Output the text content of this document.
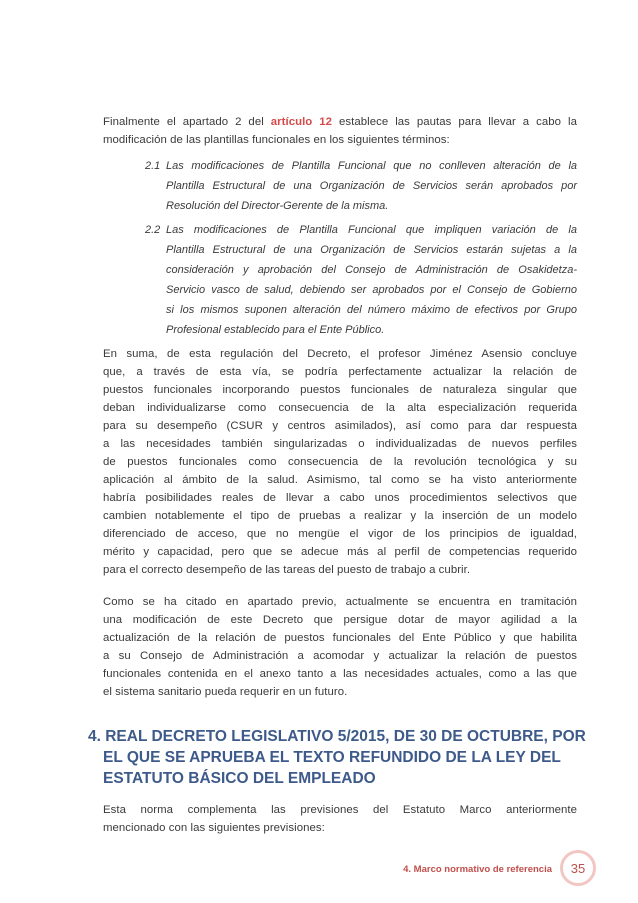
Finalmente el apartado 2 del artículo 12 establece las pautas para llevar a cabo la
modificación de las plantillas funcionales en los siguientes términos:

2.1 Las modificaciones de Plantilla Funcional que no conlleven alteración de la
Plantilla Estructural de una Organización de Servicios serán aprobados por
Resolución del Director-Gerente de la misma.
2.2 Las modificaciones de Plantilla Funcional que impliquen variación de la
Plantilla Estructural de una Organización de Servicios estarán sujetas a la
consideración y aprobación del Consejo de Administración de Osakidetza-
Servicio vasco de salud, debiendo ser aprobados por el Consejo de Gobierno
si los mismos suponen alteración del número máximo de efectivos por Grupo
Profesional establecido para el Ente Público.

En suma, de esta regulación del Decreto, el profesor Jiménez Asensio concluye
que, a través de esta vía, se podría perfectamente actualizar la relación de
puestos funcionales incorporando puestos funcionales de naturaleza singular que
deban individualizarse como consecuencia de la alta especialización requerida
para su desempeño (CSUR y centros asimilados), así como para dar respuesta
a las necesidades también singularizadas o individualizadas de nuevos perfiles
de puestos funcionales como consecuencia de la revolución tecnológica y su
aplicación al ámbito de la salud. Asimismo, tal como se ha visto anteriormente
habría posibilidades reales de llevar a cabo unos procedimientos selectivos que
cambien notablemente el tipo de pruebas a realizar y la inserción de un modelo
diferenciado de acceso, que no mengüe el vigor de los principios de igualdad,
mérito y capacidad, pero que se adecue más al perfil de competencias requerido
para el correcto desempeño de las tareas del puesto de trabajo a cubrir.

Como se ha citado en apartado previo, actualmente se encuentra en tramitación
una modificación de este Decreto que persigue dotar de mayor agilidad a la
actualización de la relación de puestos funcionales del Ente Público y que habilita
a su Consejo de Administración a acomodar y actualizar la relación de puestos
funcionales contenida en el anexo tanto a las necesidades actuales, como a las que
el sistema sanitario pueda requerir en un futuro.

4. REAL DECRETO LEGISLATIVO 5/2015, DE 30 DE OCTUBRE, POR
EL QUE SE APRUEBA EL TEXTO REFUNDIDO DE LA LEY DEL
ESTATUTO BÁSICO DEL EMPLEADO

Esta norma complementa las previsiones del Estatuto Marco anteriormente
mencionado con las siguientes previsiones:

4. Marco normativo de referencia 35
